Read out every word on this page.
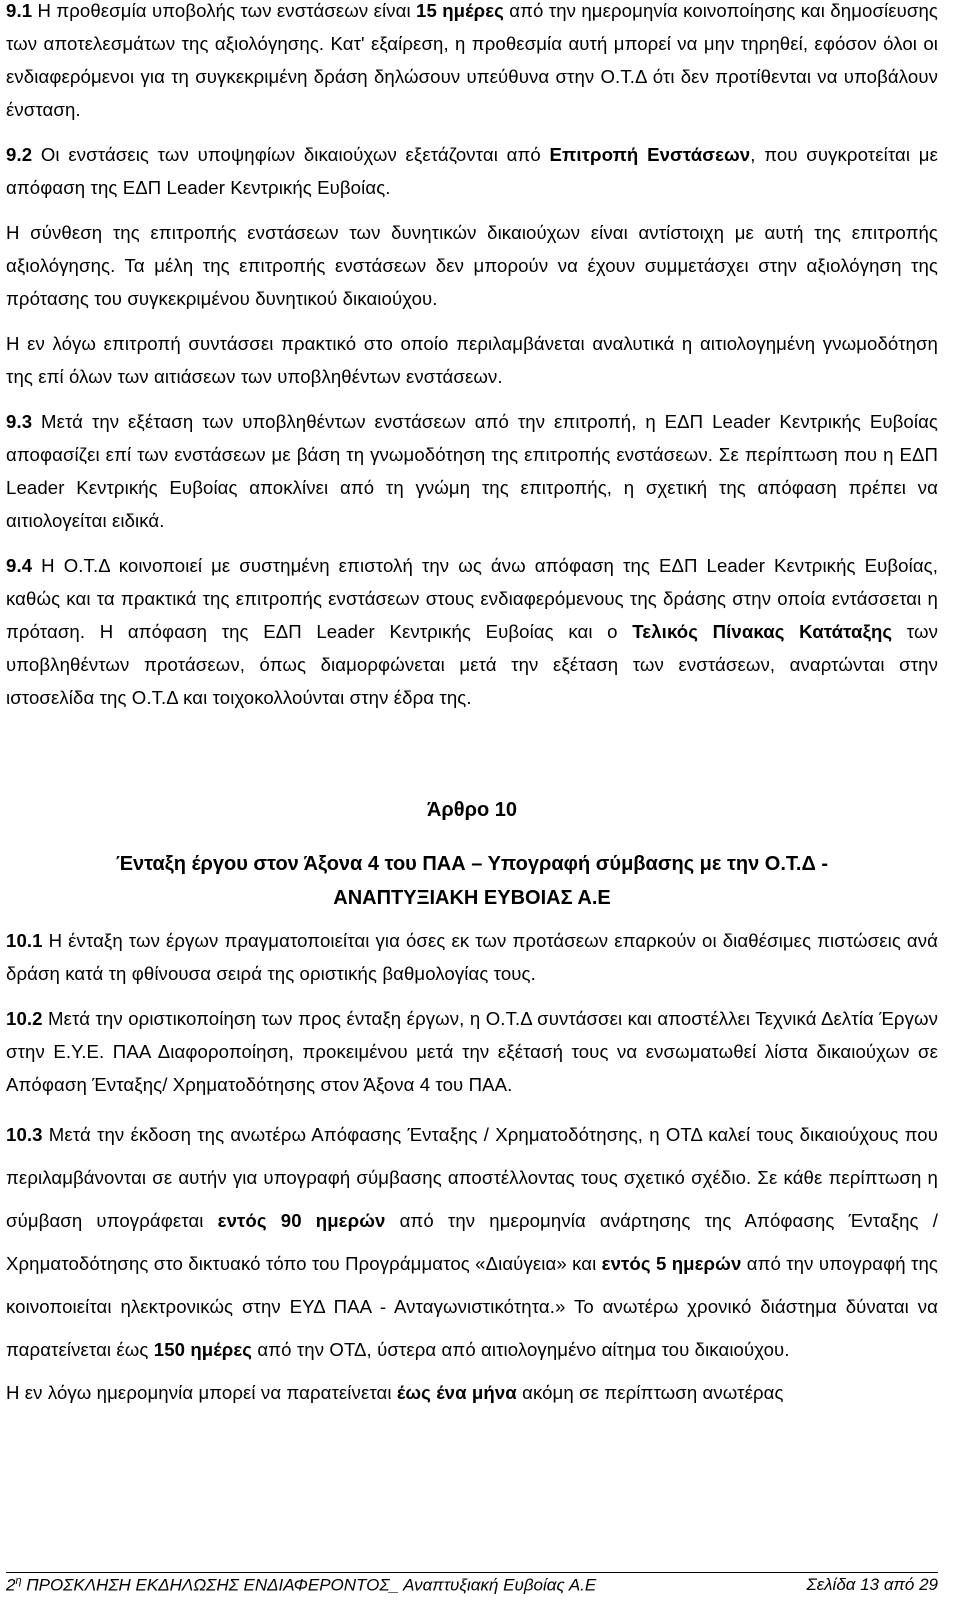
9.1 Η προθεσμία υποβολής των ενστάσεων είναι 15 ημέρες από την ημερομηνία κοινοποίησης και δημοσίευσης των αποτελεσμάτων της αξιολόγησης. Κατ' εξαίρεση, η προθεσμία αυτή μπορεί να μην τηρηθεί, εφόσον όλοι οι ενδιαφερόμενοι για τη συγκεκριμένη δράση δηλώσουν υπεύθυνα στην Ο.Τ.Δ ότι δεν προτίθενται να υποβάλουν ένσταση.

9.2 Οι ενστάσεις των υποψηφίων δικαιούχων εξετάζονται από Επιτροπή Ενστάσεων, που συγκροτείται με απόφαση της ΕΔΠ Leader Κεντρικής Ευβοίας.

Η σύνθεση της επιτροπής ενστάσεων των δυνητικών δικαιούχων είναι αντίστοιχη με αυτή της επιτροπής αξιολόγησης. Τα μέλη της επιτροπής ενστάσεων δεν μπορούν να έχουν συμμετάσχει στην αξιολόγηση της πρότασης του συγκεκριμένου δυνητικού δικαιούχου.

Η εν λόγω επιτροπή συντάσσει πρακτικό στο οποίο περιλαμβάνεται αναλυτικά η αιτιολογημένη γνωμοδότηση της επί όλων των αιτιάσεων των υποβληθέντων ενστάσεων.

9.3 Μετά την εξέταση των υποβληθέντων ενστάσεων από την επιτροπή, η ΕΔΠ Leader Κεντρικής Ευβοίας αποφασίζει επί των ενστάσεων με βάση τη γνωμοδότηση της επιτροπής ενστάσεων. Σε περίπτωση που η ΕΔΠ Leader Κεντρικής Ευβοίας αποκλίνει από τη γνώμη της επιτροπής, η σχετική της απόφαση πρέπει να αιτιολογείται ειδικά.

9.4 Η Ο.Τ.Δ κοινοποιεί με συστημένη επιστολή την ως άνω απόφαση της ΕΔΠ Leader Κεντρικής Ευβοίας, καθώς και τα πρακτικά της επιτροπής ενστάσεων στους ενδιαφερόμενους της δράσης στην οποία εντάσσεται η πρόταση. Η απόφαση της ΕΔΠ Leader Κεντρικής Ευβοίας και ο Τελικός Πίνακας Κατάταξης των υποβληθέντων προτάσεων, όπως διαμορφώνεται μετά την εξέταση των ενστάσεων, αναρτώνται στην ιστοσελίδα της Ο.Τ.Δ και τοιχοκολλούνται στην έδρα της.

Άρθρο 10

Ένταξη έργου στον Άξονα 4 του ΠΑΑ – Υπογραφή σύμβασης με την Ο.Τ.Δ -

ΑΝΑΠΤΥΞΙΑΚΗ ΕΥΒΟΙΑΣ Α.Ε

10.1 Η ένταξη των έργων πραγματοποιείται για όσες εκ των προτάσεων επαρκούν οι διαθέσιμες πιστώσεις ανά δράση κατά τη φθίνουσα σειρά της οριστικής βαθμολογίας τους.

10.2 Μετά την οριστικοποίηση των προς ένταξη έργων, η Ο.Τ.Δ συντάσσει και αποστέλλει Τεχνικά Δελτία Έργων στην Ε.Υ.Ε. ΠΑΑ Διαφοροποίηση, προκειμένου μετά την εξέτασή τους να ενσωματωθεί λίστα δικαιούχων σε Απόφαση Ένταξης/ Χρηματοδότησης στον Άξονα 4 του ΠΑΑ.

10.3 Μετά την έκδοση της ανωτέρω Απόφασης Ένταξης / Χρηματοδότησης, η ΟΤΔ καλεί τους δικαιούχους που περιλαμβάνονται σε αυτήν για υπογραφή σύμβασης αποστέλλοντας τους σχετικό σχέδιο. Σε κάθε περίπτωση η σύμβαση υπογράφεται εντός 90 ημερών από την ημερομηνία ανάρτησης της Απόφασης Ένταξης / Χρηματοδότησης στο δικτυακό τόπο του Προγράμματος «Διαύγεια» και εντός 5 ημερών από την υπογραφή της κοινοποιείται ηλεκτρονικώς στην ΕΥΔ ΠΑΑ - Ανταγωνιστικότητα.» Το ανωτέρω χρονικό διάστημα δύναται να παρατείνεται έως 150 ημέρες από την ΟΤΔ, ύστερα από αιτιολογημένο αίτημα του δικαιούχου.

Η εν λόγω ημερομηνία μπορεί να παρατείνεται έως ένα μήνα ακόμη σε περίπτωση ανωτέρας

$2^\eta$ ΠΡΟΣΚΛΗΣΗ ΕΚΔΗΛΩΣΗΣ ΕΝΔΙΑΦΕΡΟΝΤΟΣ_ Αναπτυξιακή Ευβοίας Α.Ε	Σελίδα 13 από 29
